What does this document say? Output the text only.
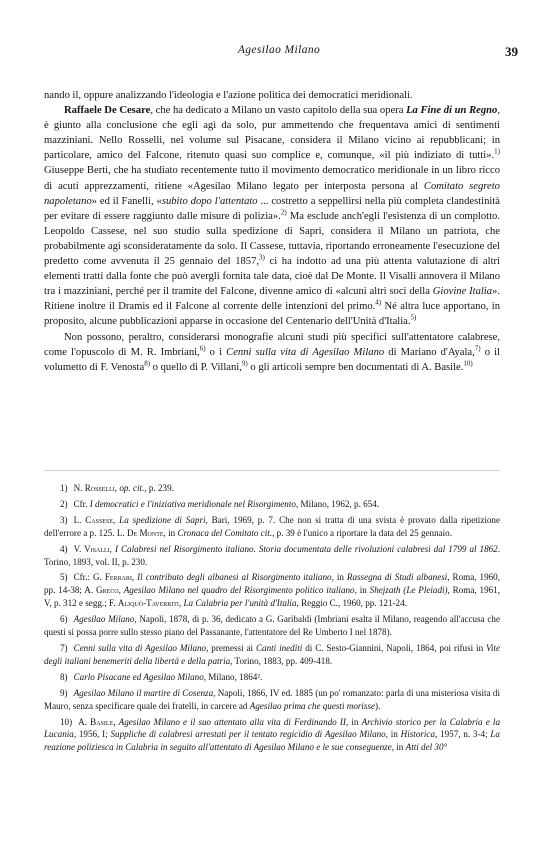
Agesilao Milano	39

nando il, oppure analizzando l'ideologia e l'azione politica dei democratici meridionali.

Raffaele De Cesare, che ha dedicato a Milano un vasto capitolo della sua opera La Fine di un Regno, è giunto alla conclusione che egli agì da solo, pur ammettendo che frequentava amici di sentimenti mazziniani. Nello Rosselli, nel volume sul Pisacane, considera il Milano vicino ai repubblicani; in particolare, amico del Falcone, ritenuto quasi suo complice e, comunque, «il più indiziato di tutti».$^{1)}$ Giuseppe Berti, che ha studiato recentemente tutto il movimento democratico meridionale in un libro ricco di acuti apprezzamenti, ritiene «Agesilao Milano legato per interposta persona al Comitato segreto napoletano» ed il Fanelli, «subito dopo l'attentato ... costretto a seppellirsi nella più completa clandestinità per evitare di essere raggiunto dalle misure di polizia».$^{2)}$ Ma esclude anch'egli l'esistenza di un complotto. Leopoldo Cassese, nel suo studio sulla spedizione di Sapri, considera il Milano un patriota, che probabilmente agì sconsideratamente da solo. Il Cassese, tuttavia, riportando erroneamente l'esecuzione del predetto come avvenuta il 25 gennaio del 1857,$^{3)}$ ci ha indotto ad una più attenta valutazione di altri elementi tratti dalla fonte che può avergli fornita tale data, cioè dal De Monte. Il Visalli annovera il Milano tra i mazziniani, perché per il tramite del Falcone, divenne amico di «alcuni altri soci della Giovine Italia». Ritiene inoltre il Dramis ed il Falcone al corrente delle intenzioni del primo.$^{4)}$ Né altra luce apportano, in proposito, alcune pubblicazioni apparse in occasione del Centenario dell'Unità d'Italia.$^{5)}$

Non possono, peraltro, considerarsi monografie alcuni studi più specifici sull'attentatore calabrese, come l'opuscolo di M. R. Imbriani,$^{6)}$ o i Cenni sulla vita di Agesilao Milano di Mariano d'Ayala,$^{7)}$ o il volumetto di F. Venosta$^{8)}$ o quello di P. Villani,$^{9)}$ o gli articoli sempre ben documentati di A. Basile.$^{10)}$

1) N. Rosselli, op. cit., p. 239.

2) Cfr. I democratici e l'iniziativa meridionale nel Risorgimento, Milano, 1962, p. 654.

3) L. Cassese, La spedizione di Sapri, Bari, 1969, p. 7. Che non si tratta di una svista è provato dalla ripetizione dell'errore a p. 125. L. De Monte, in Cronaca del Comitato cit., p. 39 è l'unico a riportare la data del 25 gennaio.

4) V. Visalli, I Calabresi nel Risorgimento italiano. Storia documentata delle rivoluzioni calabresi dal 1799 al 1862. Torino, 1893, vol. II, p. 230.

5) Cfr.: G. Ferrari, Il contributo degli albanesi al Risorgimento italiano, in Rassegna di Studi albanesi, Roma, 1960, pp. 14-38; A. Greco, Agesilao Milano nel quadro del Risorgimento politico italiano, in Shejzath (Le Pleiadi), Roma, 1961, V, p. 312 e segg.; F. Aliquò-Taverriti, La Calabria per l'unità d'Italia, Reggio C., 1960, pp. 121-24.

6) Agesilao Milano, Napoli, 1878, di p. 36, dedicato a G. Garibaldi (Imbriani esalta il Milano, reagendo all'accusa che questi si possa porre sullo stesso piano del Passanante, l'attentatore del Re Umberto I nel 1878).

7) Cenni sulla vita di Agesilao Milano, premessi ai Canti inediti di C. Sesto-Giannini, Napoli, 1864, poi rifusi in Vite degli italiani benemeriti della libertà e della patria, Torino, 1883, pp. 409-418.

8) Carlo Pisacane ed Agesilao Milano, Milano, 1864².

9) Agesilao Milano il martire di Cosenza, Napoli, 1866, IV ed. 1885 (un po' romanzato: parla di una misteriosa visita di Mauro, senza specificare quale dei fratelli, in carcere ad Agesilao prima che questi morisse).

10) A. Basile, Agesilao Milano e il suo attentato alla vita di Ferdinando II, in Archivio storico per la Calabria e la Lucania, 1956, I; Suppliche di calabresi arrestati per il tentato regicidio di Agesilao Milano, in Historica, 1957, n. 3-4; La reazione poliziesca in Calabria in seguito all'attentato di Agesilao Milano e le sue conseguenze, in Atti del 30°
